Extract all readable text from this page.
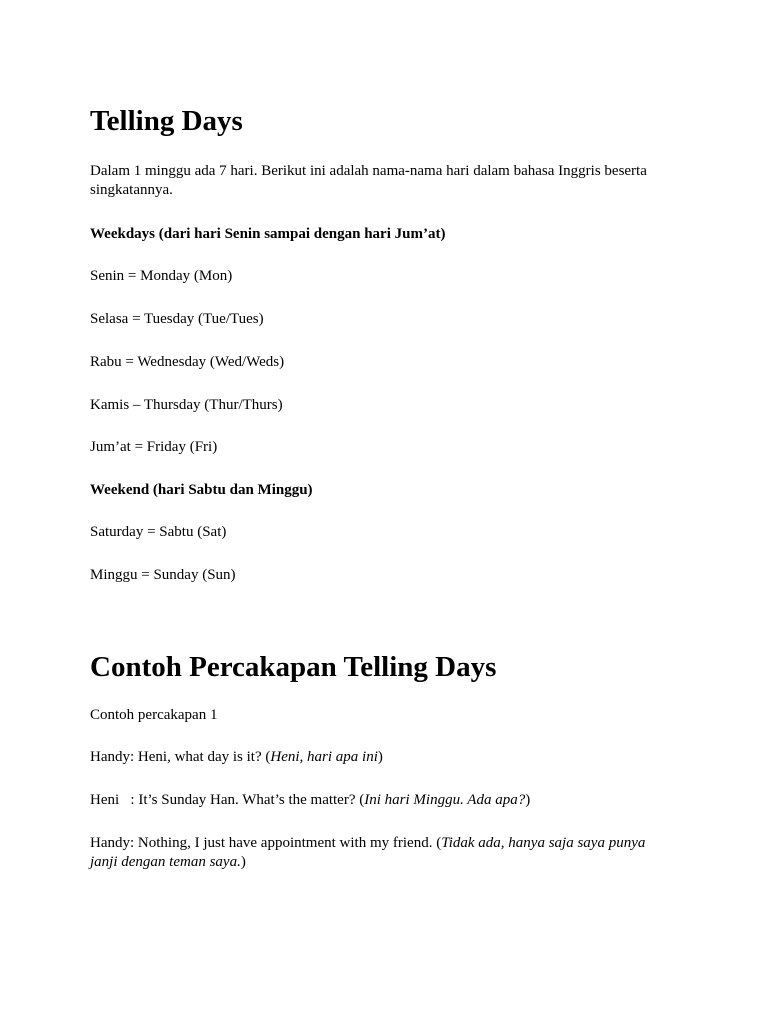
Telling Days

Dalam 1 minggu ada 7 hari. Berikut ini adalah nama-nama hari dalam bahasa Inggris beserta singkatannya.

Weekdays (dari hari Senin sampai dengan hari Jum’at)

Senin = Monday (Mon)

Selasa = Tuesday (Tue/Tues)

Rabu = Wednesday (Wed/Weds)

Kamis – Thursday (Thur/Thurs)

Jum’at = Friday (Fri)

Weekend (hari Sabtu dan Minggu)

Saturday = Sabtu (Sat)

Minggu = Sunday (Sun)

Contoh Percakapan Telling Days

Contoh percakapan 1

Handy: Heni, what day is it? (Heni, hari apa ini)

Heni   : It’s Sunday Han. What’s the matter? (Ini hari Minggu. Ada apa?)

Handy: Nothing, I just have appointment with my friend. (Tidak ada, hanya saja saya punya janji dengan teman saya.)
